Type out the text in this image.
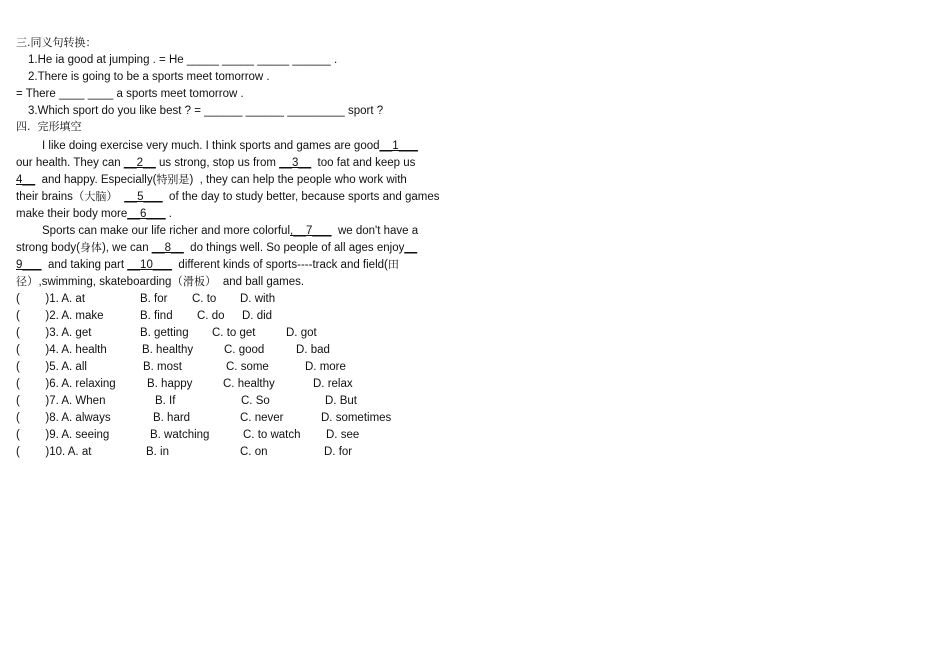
三.同义句转换：
1.He ia good at jumping . = He _____ _____ _____ ______ .
2.There is going to be a sports meet tomorrow .
= There ____ ____ a sports meet tomorrow .
3.Which sport do you like best ? = ______ ______ _________ sport ?
四.  完形填空
I like doing exercise very much. I think sports and games are good__1___
our health. They can __2__ us strong, stop us from __3__  too fat and keep us
4__  and happy. Especially(特别是)  , they can help the people who work with
their brains（大脑）  __5___  of the day to study better, because sports and games
make their body more__6___ .
Sports can make our life richer and more colorful,__7___  we don't have a
strong body(身体), we can __8__  do things well. So people of all ages enjoy__
9___  and taking part __10___  different kinds of sports----track and field(田
径）,swimming, skateboarding（滑板）  and ball games.

(        )1. A. at

	B. for

C. to

D. with

(        )2. A. make

	B. find

C. do

D. did

(        )3. A. get

	B. getting

C. to get

	D. got

(        )4. A. health

	B. healthy

	C. good

	D. bad

(        )5. A. all

	B. most

	C. some

	D. more

(        )6. A. relaxing

	B. happy

	C. healthy

	D. relax

(        )7. A. When

	B. If

	C. So

	D. But

(        )8. A. always

	B. hard

	C. never

	D. sometimes

(        )9. A. seeing

	B. watching

	C. to watch

D. see

(        )10. A. at

	B. in

	C. on

	D. for
